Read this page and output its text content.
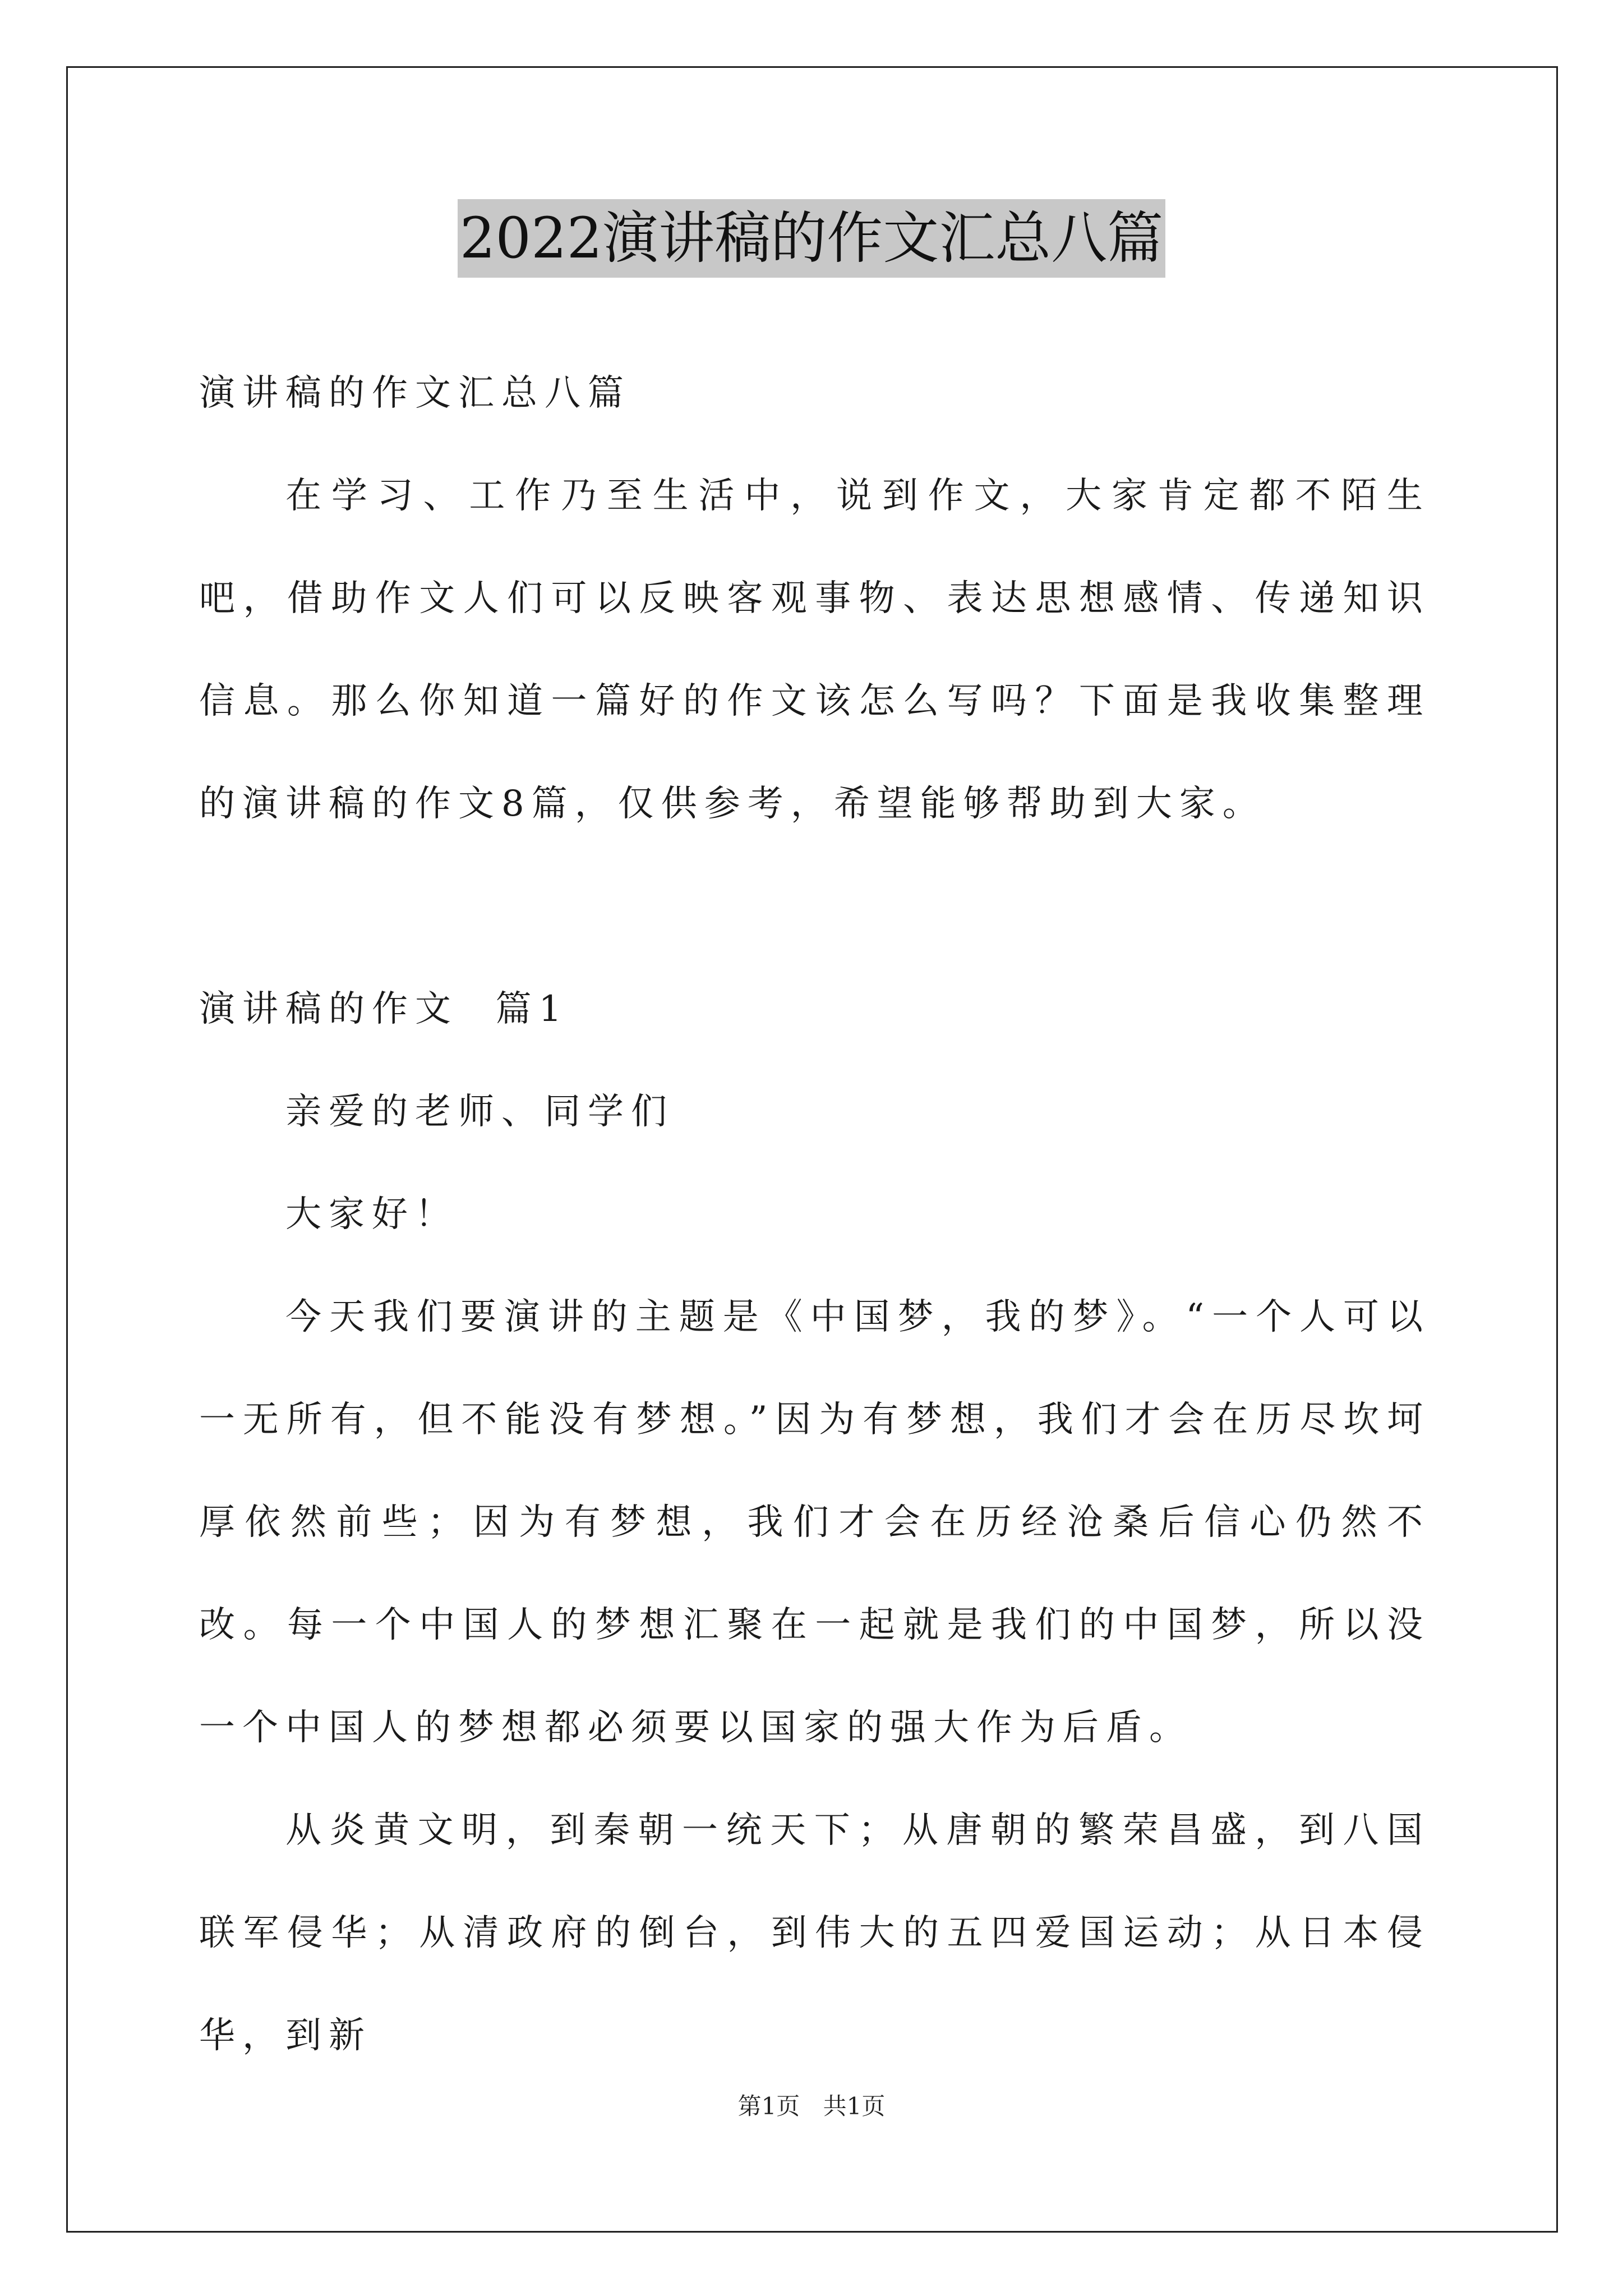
2022演讲稿的作文汇总八篇

演讲稿的作文汇总八篇

在学习、工作乃至生活中，说到作文，大家肯定都不陌生吧，借助作文人们可以反映客观事物、表达思想感情、传递知识信息。那么你知道一篇好的作文该怎么写吗？下面是我收集整理的演讲稿的作文8篇，仅供参考，希望能够帮助到大家。

演讲稿的作文  篇1

亲爱的老师、同学们

大家好！

今天我们要演讲的主题是《中国梦，我的梦》。“一个人可以一无所有，但不能没有梦想。”因为有梦想，我们才会在历尽坎坷厚依然前些；因为有梦想，我们才会在历经沧桑后信心仍然不改。每一个中国人的梦想汇聚在一起就是我们的中国梦，所以没一个中国人的梦想都必须要以国家的强大作为后盾。

从炎黄文明，到秦朝一统天下；从唐朝的繁荣昌盛，到八国联军侵华；从清政府的倒台，到伟大的五四爱国运动；从日本侵华，到新

第1页 共1页
